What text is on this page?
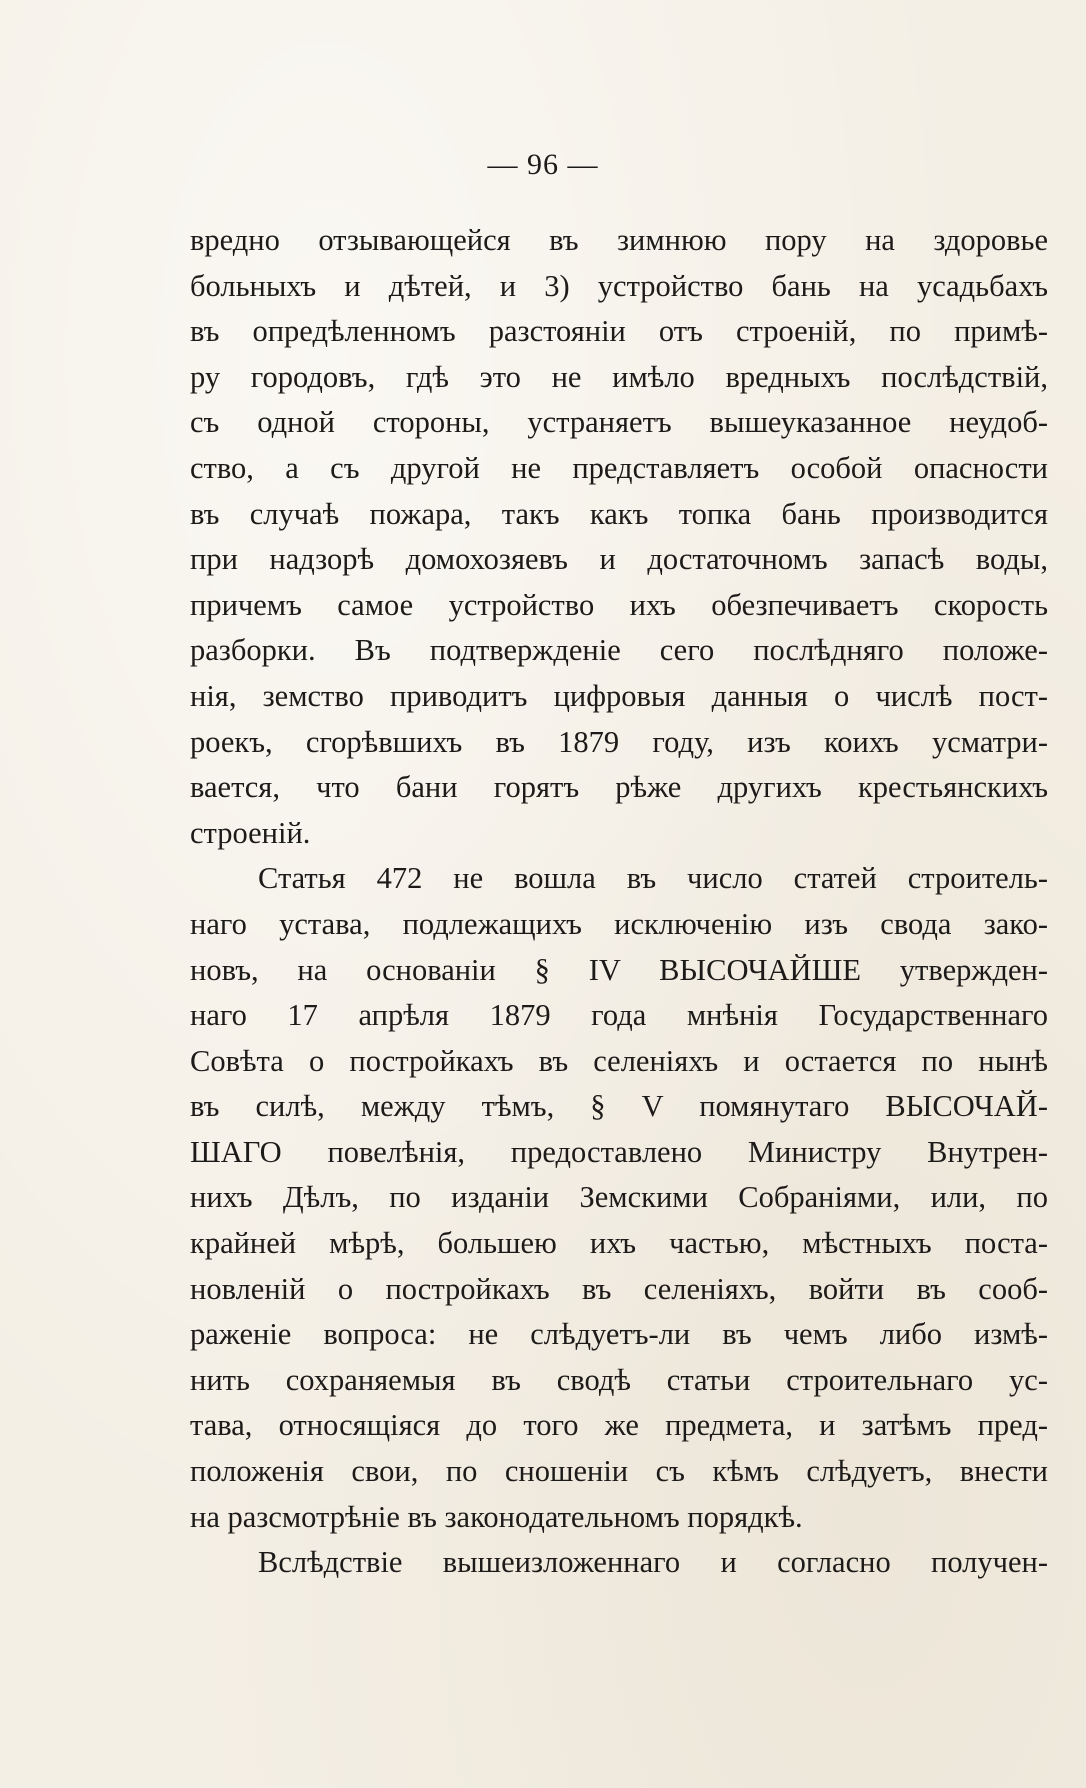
— 96 —
вредно отзывающейся въ зимнюю пору на здоровье
больныхъ и дѣтей, и 3) устройство бань на усадьбахъ
въ опредѣленномъ разстояніи отъ строеній, по примѣ-
ру городовъ, гдѣ это не имѣло вредныхъ послѣдствій,
съ одной стороны, устраняетъ вышеуказанное неудоб-
ство, а съ другой не представляетъ особой опасности
въ случаѣ пожара, такъ какъ топка бань производится
при надзорѣ домохозяевъ и достаточномъ запасѣ воды,
причемъ самое устройство ихъ обезпечиваетъ скорость
разборки. Въ подтвержденіе сего послѣдняго положе-
нія, земство приводитъ цифровыя данныя о числѣ пост-
роекъ, сгорѣвшихъ въ 1879 году, изъ коихъ усматри-
вается, что бани горятъ рѣже другихъ крестьянскихъ
строеній.
Статья 472 не вошла въ число статей строитель-
наго устава, подлежащихъ исключенію изъ свода зако-
новъ, на основаніи § IV ВЫСОЧАЙШЕ утвержден-
наго 17 апрѣля 1879 года мнѣнія Государственнаго
Совѣта о постройкахъ въ селеніяхъ и остается по нынѣ
въ силѣ, между тѣмъ, § V помянутаго ВЫСОЧАЙ-
ШАГО повелѣнія, предоставлено Министру Внутрен-
нихъ Дѣлъ, по изданіи Земскими Собраніями, или, по
крайней мѣрѣ, большею ихъ частью, мѣстныхъ поста-
новленій о постройкахъ въ селеніяхъ, войти въ сооб-
раженіе вопроса: не слѣдуетъ-ли въ чемъ либо измѣ-
нить сохраняемыя въ сводѣ статьи строительнаго ус-
тава, относящіяся до того же предмета, и затѣмъ пред-
положенія свои, по сношеніи съ кѣмъ слѣдуетъ, внести
на разсмотрѣніе въ законодательномъ порядкѣ.
Вслѣдствіе вышеизложеннаго и согласно получен-
